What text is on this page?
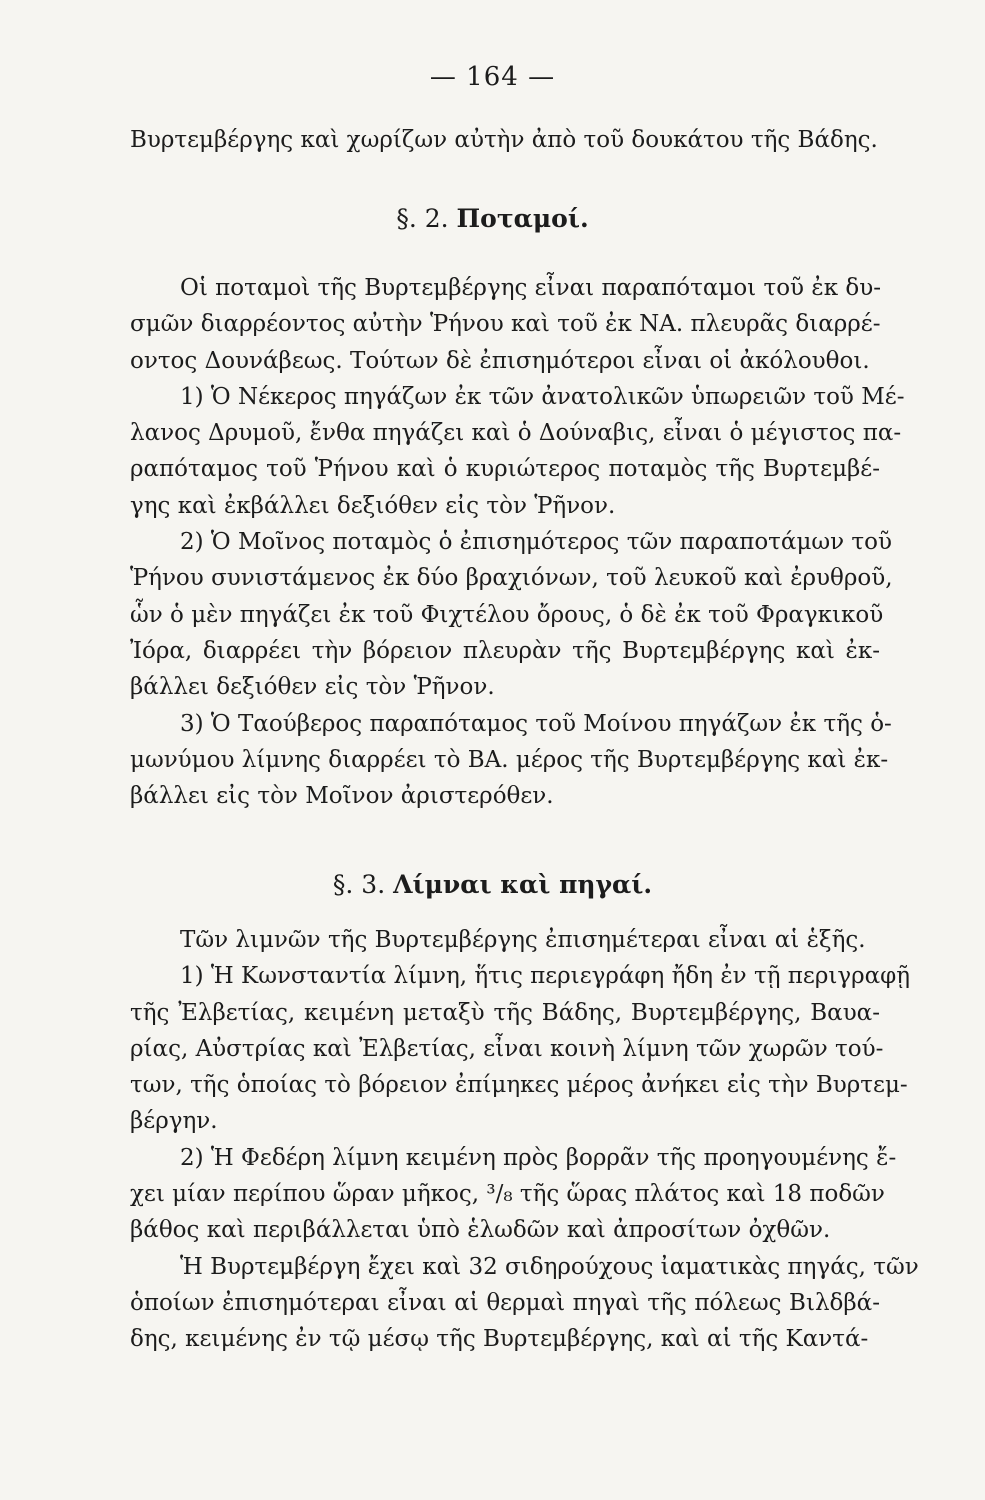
— 164 —
Βυρτεμβέργης καὶ χωρίζων αὐτὴν ἀπὸ τοῦ δουκάτου τῆς Βάδης.
§. 2. Ποταμοί.
Οἱ ποταμοὶ τῆς Βυρτεμβέργης εἶναι παραπόταμοι τοῦ ἐκ δυ-
σμῶν διαρρέοντος αὐτὴν Ῥήνου καὶ τοῦ ἐκ ΝΑ. πλευρᾶς διαρρέ-
οντος Δουνάβεως. Τούτων δὲ ἐπισημότεροι εἶναι οἱ ἀκόλουθοι.
1) Ὁ Νέκερος πηγάζων ἐκ τῶν ἀνατολικῶν ὑπωρειῶν τοῦ Μέ-
λανος Δρυμοῦ, ἔνθα πηγάζει καὶ ὁ Δούναβις, εἶναι ὁ μέγιστος πα-
ραπόταμος τοῦ Ῥήνου καὶ ὁ κυριώτερος ποταμὸς τῆς Βυρτεμβέ-
γης καὶ ἐκβάλλει δεξιόθεν εἰς τὸν Ῥῆνον.
2) Ὁ Μοῖνος ποταμὸς ὁ ἐπισημότερος τῶν παραποτάμων τοῦ
Ῥήνου συνιστάμενος ἐκ δύο βραχιόνων, τοῦ λευκοῦ καὶ ἐρυθροῦ,
ὧν ὁ μὲν πηγάζει ἐκ τοῦ Φιχτέλου ὄρους, ὁ δὲ ἐκ τοῦ Φραγκικοῦ
Ἰόρα, διαρρέει τὴν βόρειον πλευρὰν τῆς Βυρτεμβέργης καὶ ἐκ-
βάλλει δεξιόθεν εἰς τὸν Ῥῆνον.
3) Ὁ Ταούβερος παραπόταμος τοῦ Μοίνου πηγάζων ἐκ τῆς ὁ-
μωνύμου λίμνης διαρρέει τὸ ΒΑ. μέρος τῆς Βυρτεμβέργης καὶ ἐκ-
βάλλει εἰς τὸν Μοῖνον ἀριστερόθεν.
§. 3. Λίμναι καὶ πηγαί.
Τῶν λιμνῶν τῆς Βυρτεμβέργης ἐπισημέτεραι εἶναι αἱ ἑξῆς.
1) Ἡ Κωνσταντία λίμνη, ἥτις περιεγράφη ἤδη ἐν τῇ περιγραφῇ
τῆς Ἐλβετίας, κειμένη μεταξὺ τῆς Βάδης, Βυρτεμβέργης, Βαυα-
ρίας, Αὐστρίας καὶ Ἐλβετίας, εἶναι κοινὴ λίμνη τῶν χωρῶν τού-
των, τῆς ὁποίας τὸ βόρειον ἐπίμηκες μέρος ἀνήκει εἰς τὴν Βυρτεμ-
βέργην.
2) Ἡ Φεδέρη λίμνη κειμένη πρὸς βορρᾶν τῆς προηγουμένης ἔ-
χει μίαν περίπου ὥραν μῆκος, ³/₈ τῆς ὥρας πλάτος καὶ 18 ποδῶν
βάθος καὶ περιβάλλεται ὑπὸ ἑλωδῶν καὶ ἀπροσίτων ὀχθῶν.
Ἡ Βυρτεμβέργη ἔχει καὶ 32 σιδηρούχους ἰαματικὰς πηγάς, τῶν
ὁποίων ἐπισημότεραι εἶναι αἱ θερμαὶ πηγαὶ τῆς πόλεως Βιλδβά-
δης, κειμένης ἐν τῷ μέσῳ τῆς Βυρτεμβέργης, καὶ αἱ τῆς Καντά-
